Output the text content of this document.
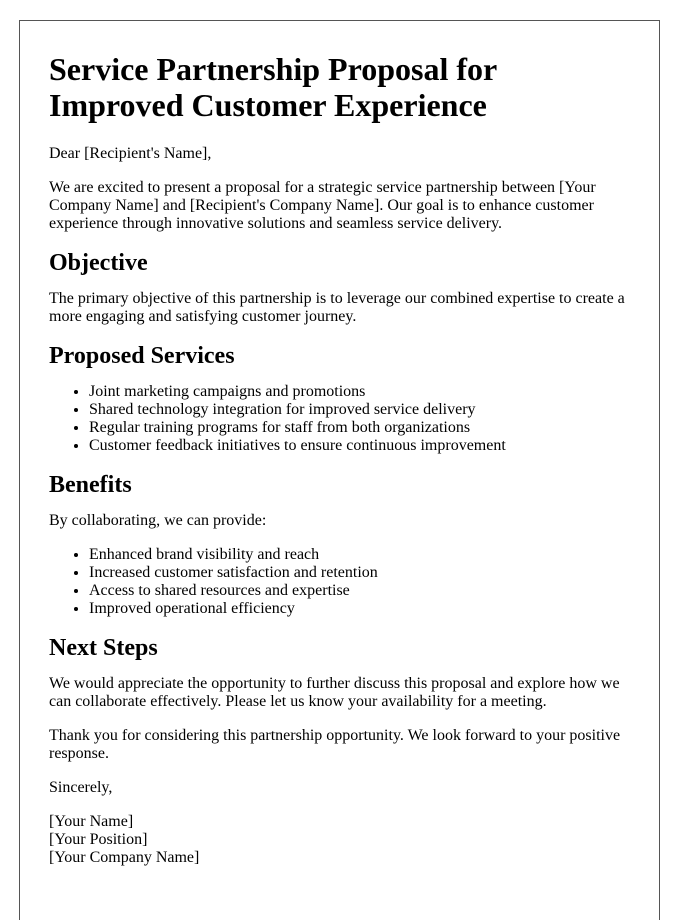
Service Partnership Proposal for Improved Customer Experience

Dear [Recipient's Name],

We are excited to present a proposal for a strategic service partnership between [Your Company Name] and [Recipient's Company Name]. Our goal is to enhance customer experience through innovative solutions and seamless service delivery.

Objective

The primary objective of this partnership is to leverage our combined expertise to create a more engaging and satisfying customer journey.

Proposed Services
• Joint marketing campaigns and promotions
• Shared technology integration for improved service delivery
• Regular training programs for staff from both organizations
• Customer feedback initiatives to ensure continuous improvement
Benefits

By collaborating, we can provide:

• Enhanced brand visibility and reach
• Increased customer satisfaction and retention
• Access to shared resources and expertise
• Improved operational efficiency
Next Steps

We would appreciate the opportunity to further discuss this proposal and explore how we can collaborate effectively. Please let us know your availability for a meeting.

Thank you for considering this partnership opportunity. We look forward to your positive response.

Sincerely,

[Your Name]

[Your Position]

[Your Company Name]
